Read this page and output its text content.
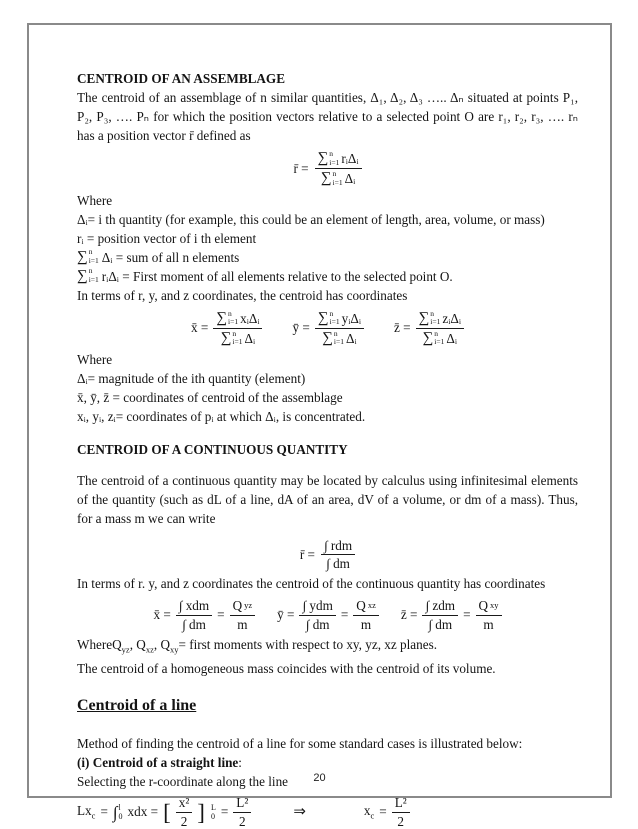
CENTROID OF AN ASSEMBLAGE

The centroid of an assemblage of n similar quantities, Δ₁, Δ₂, Δ₃ ….. Δₙ situated at points P₁, P₂, P₃, …. Pₙ for which the position vectors relative to a selected point O are r₁, r₂, r₃, …. rₙ has a position vector r̄ defined as

r̄ = ∑ n
i=1 rᵢΔᵢ
∑ n
i=1 Δᵢ
Where
Δᵢ= i th quantity (for example, this could be an element of length, area, volume, or mass)
rᵢ = position vector of i th element
∑ n
i=1 Δᵢ = sum of all n elements
∑ n
i=1 rᵢΔᵢ = First moment of all elements relative to the selected point O.
In terms of r, y, and z coordinates, the centroid has coordinates
x̄ = ∑ n
i=1 xᵢΔᵢ
∑ n
i=1 Δᵢ ȳ = ∑ n
i=1 yᵢΔᵢ
∑ n
i=1 Δᵢ z̄ = ∑ n
i=1 zᵢΔᵢ
∑ n
i=1 Δᵢ
Where
Δᵢ= magnitude of the ith quantity (element)
x̄, ȳ, z̄ = coordinates of centroid of the assemblage
xᵢ, yᵢ, zᵢ= coordinates of pᵢ at which Δᵢ, is concentrated.
CENTROID OF A CONTINUOUS QUANTITY

The centroid of a continuous quantity may be located by calculus using infinitesimal elements of the quantity (such as dL of a line, dA of an area, dV of a volume, or dm of a mass). Thus, for a mass m we can write

r̄ = $\frac{\text{∫ rdm}}{\int dm}$
In terms of r. y, and z coordinates the centroid of the continuous quantity has coordinates
x̄ = $\frac{\text{∫ xdm}}{\int dm} = \frac{\text{Q yz}}{m}$ ȳ = $\frac{\text{∫ ydm}}{\int dm} = \frac{\text{Q xz}}{m}$ z̄ = $\frac{\text{∫ zdm}}{\int dm} = \frac{\text{Q xy}}{m}$
WhereQ$_{yz}$, $Q_{xz}$, $Q_{xy}=$ first moments with respect to xy, yz, xz planes.
The centroid of a homogeneous mass coincides with the centroid of its volume.
Centroid of a line
Method of finding the centroid of a line for some standard cases is illustrated below:
(i) Centroid of a straight line:
Selecting the r-coordinate along the line
$Lx_c$ = ∫ l
0 xdx = [ $\frac{\text{x²}}{2}$ ] L
$0 = \frac{\text{L²}}{2}$	⇒	$x_c = \frac{\text{L²}}{2}$
20
